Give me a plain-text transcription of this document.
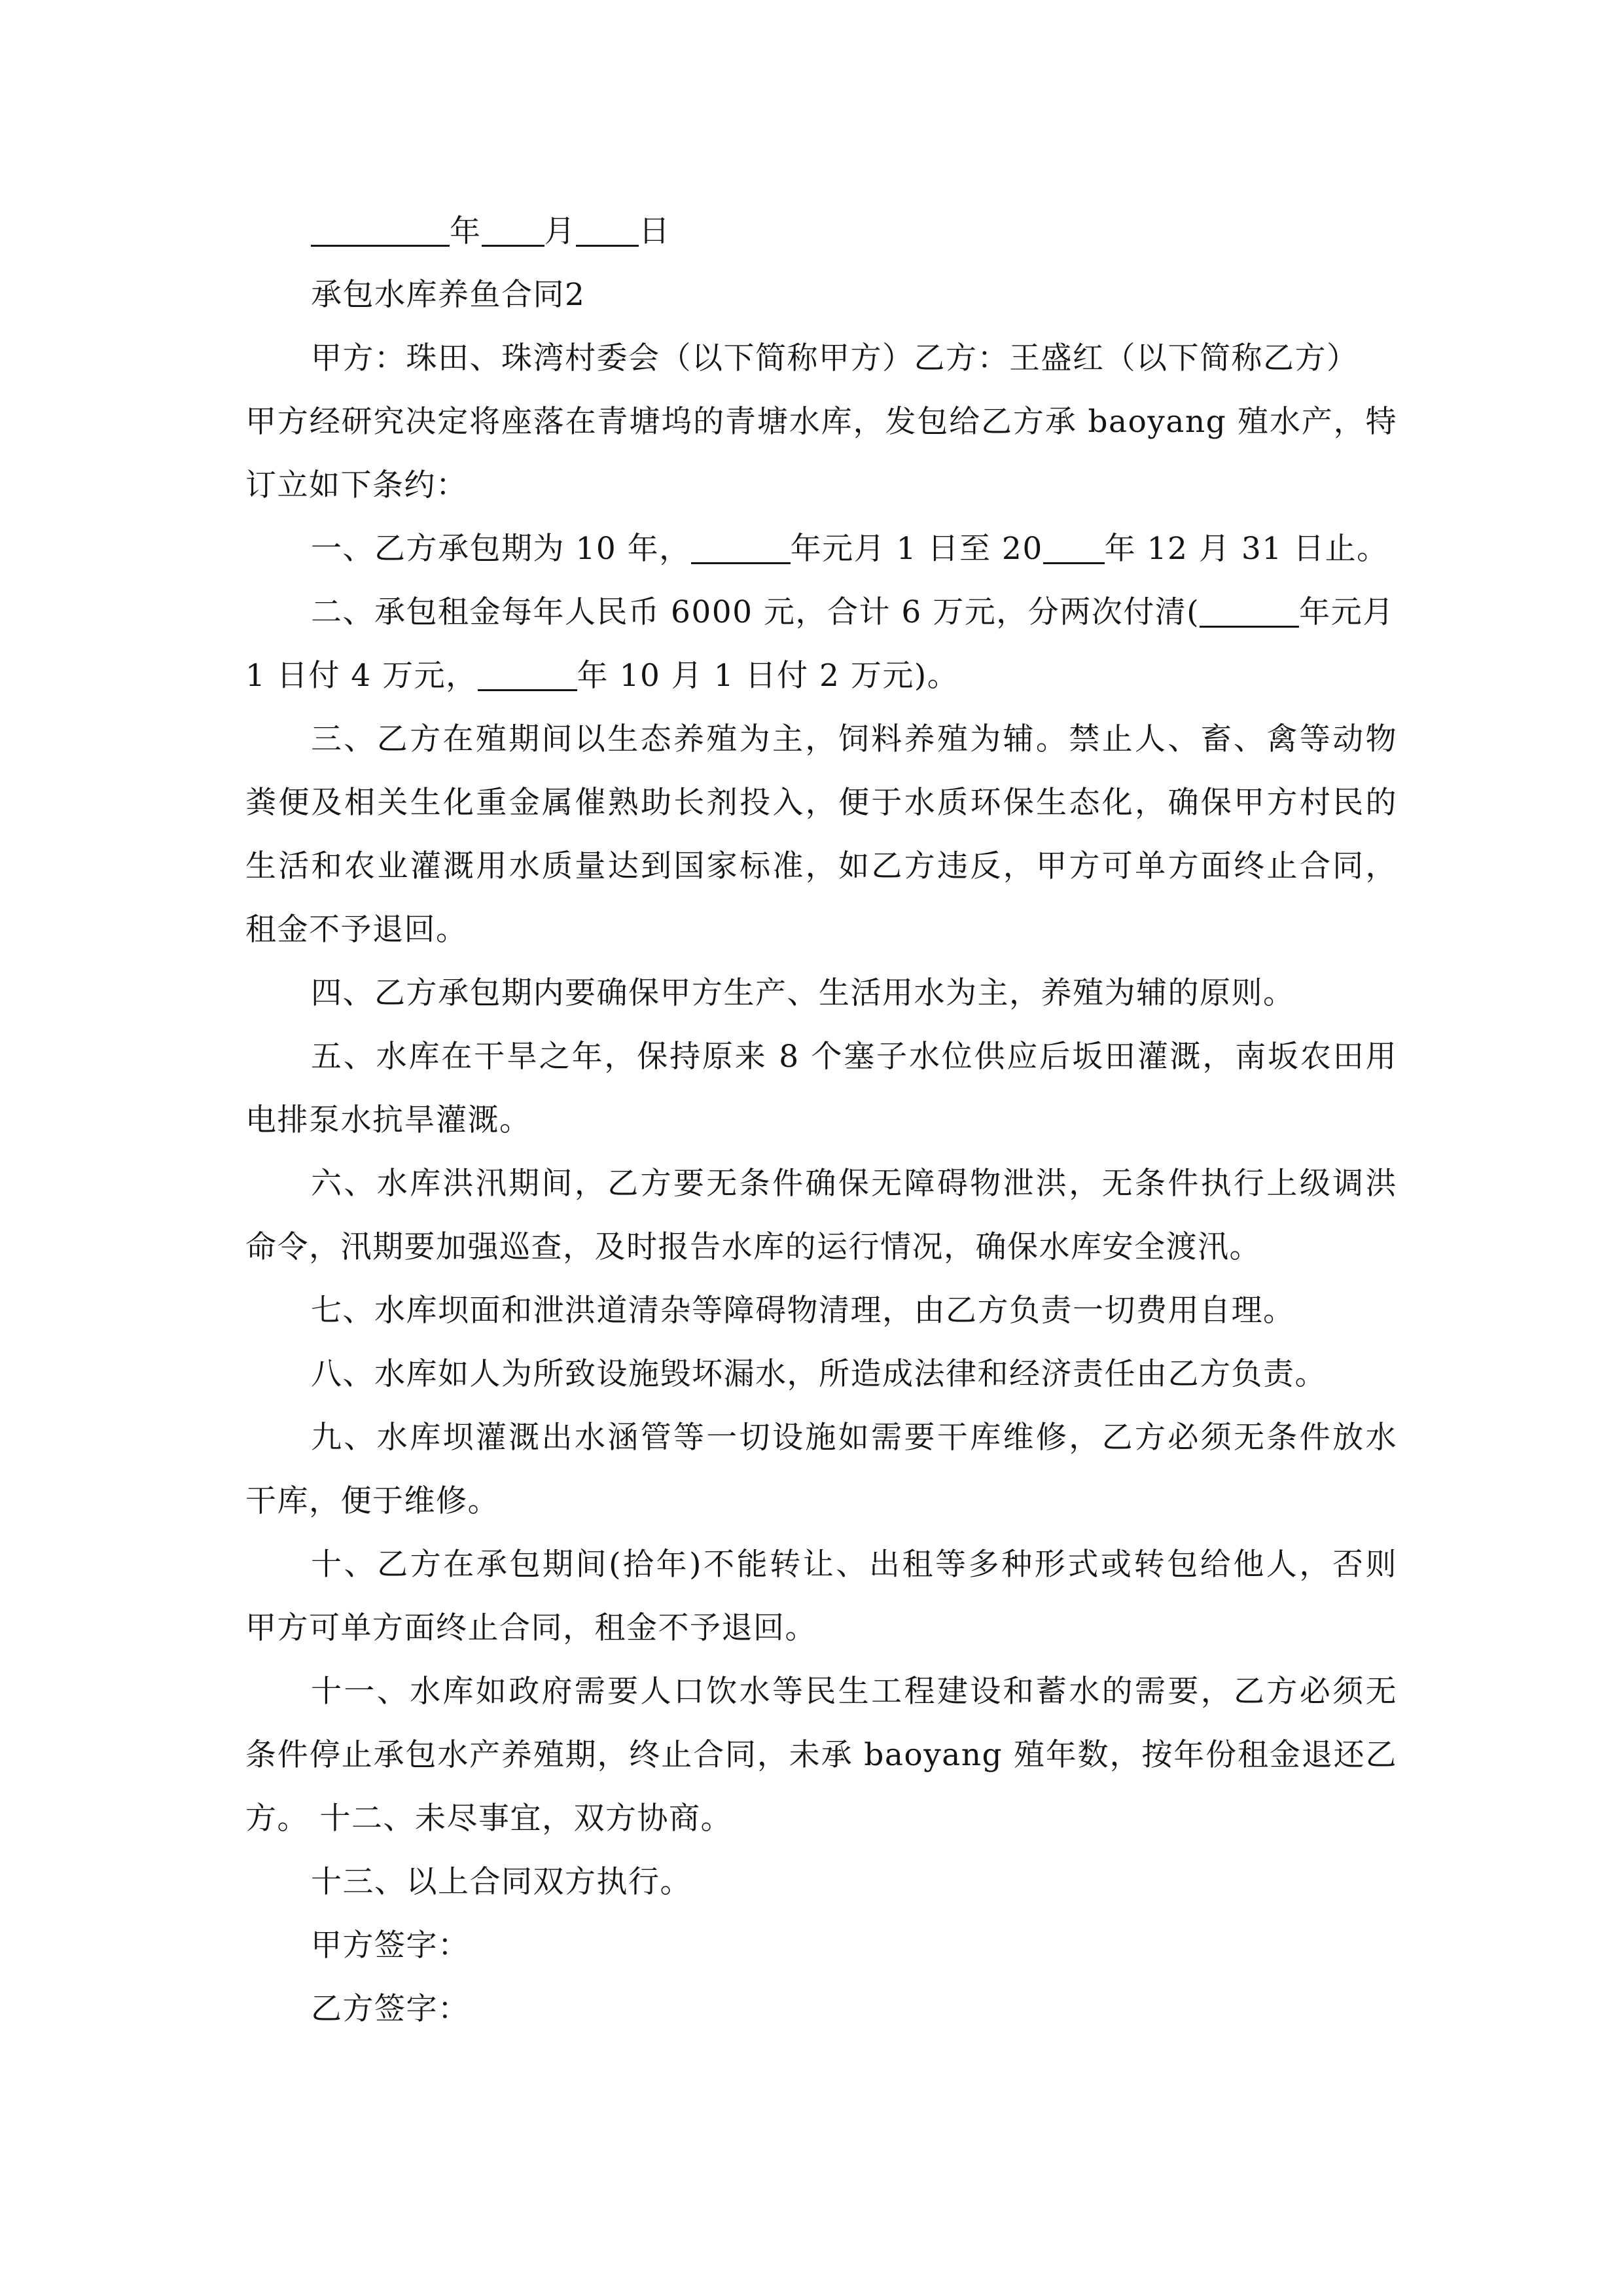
年 月 日
承包水库养鱼合同2
甲方：珠田、珠湾村委会（以下简称甲方）乙方：王盛红（以下简称乙方）
甲方经研究决定将座落在青塘坞的青塘水库，发包给乙方承 baoyang 殖水产，特
订立如下条约：
一、乙方承包期为 10 年，	年元月 1 日至 20 年 12 月 31 日止。
二、承包租金每年人民币 6000 元，合计 6 万元，分两次付清(	年元月
1 日付 4 万元，	年 10 月 1 日付 2 万元)。
三、乙方在殖期间以生态养殖为主，饲料养殖为辅。禁止人、畜、禽等动物
粪便及相关生化重金属催熟助长剂投入，便于水质环保生态化，确保甲方村民的
生活和农业灌溉用水质量达到国家标准，如乙方违反，甲方可单方面终止合同，
租金不予退回。
四、乙方承包期内要确保甲方生产、生活用水为主，养殖为辅的原则。
五、水库在干旱之年，保持原来 8 个塞子水位供应后坂田灌溉，南坂农田用
电排泵水抗旱灌溉。
六、水库洪汛期间，乙方要无条件确保无障碍物泄洪，无条件执行上级调洪
命令，汛期要加强巡查，及时报告水库的运行情况，确保水库安全渡汛。
七、水库坝面和泄洪道清杂等障碍物清理，由乙方负责一切费用自理。
八、水库如人为所致设施毁坏漏水，所造成法律和经济责任由乙方负责。
九、水库坝灌溉出水涵管等一切设施如需要干库维修，乙方必须无条件放水
干库，便于维修。
十、乙方在承包期间(拾年)不能转让、出租等多种形式或转包给他人，否则
甲方可单方面终止合同，租金不予退回。
十一、水库如政府需要人口饮水等民生工程建设和蓄水的需要，乙方必须无
条件停止承包水产养殖期，终止合同，未承 baoyang 殖年数，按年份租金退还乙
方。 十二、未尽事宜，双方协商。
十三、以上合同双方执行。
甲方签字：
乙方签字：
